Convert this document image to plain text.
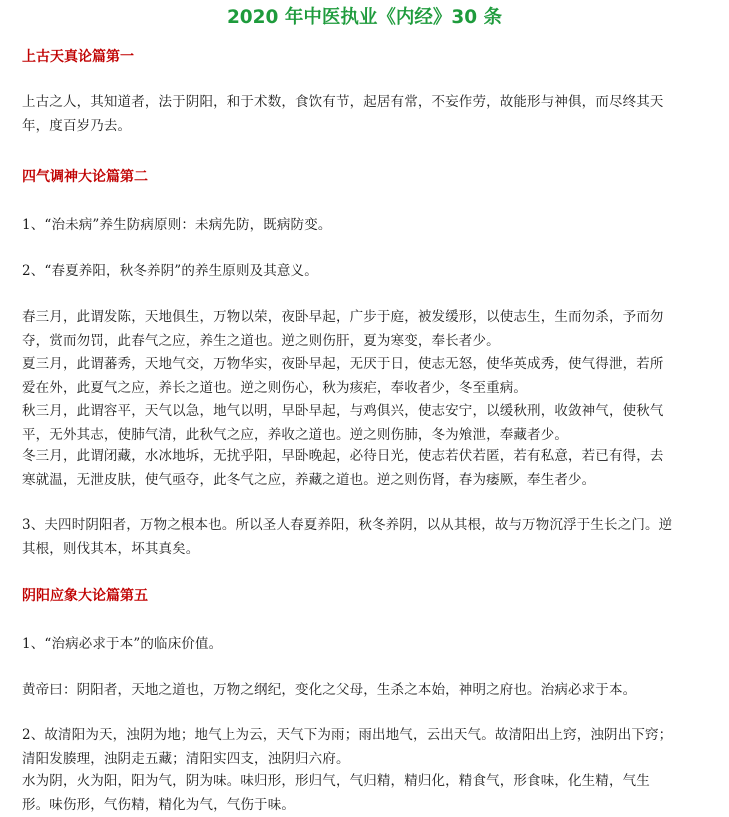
2020 年中医执业《内经》30 条
上古天真论篇第一

上古之人，其知道者，法于阴阳，和于术数，食饮有节，起居有常，不妄作劳，故能形与神俱，而尽终其天年，度百岁乃去。

四气调神大论篇第二

1、“治未病”养生防病原则：未病先防，既病防变。

2、“春夏养阳，秋冬养阴”的养生原则及其意义。

春三月，此谓发陈，天地俱生，万物以荣，夜卧早起，广步于庭，被发缓形，以使志生，生而勿杀，予而勿夺，赏而勿罚，此春气之应，养生之道也。逆之则伤肝，夏为寒变，奉长者少。

夏三月，此谓蕃秀，天地气交，万物华实，夜卧早起，无厌于日，使志无怒，使华英成秀，使气得泄，若所爱在外，此夏气之应，养长之道也。逆之则伤心，秋为痎疟，奉收者少，冬至重病。

秋三月，此谓容平，天气以急，地气以明，早卧早起，与鸡俱兴，使志安宁，以缓秋刑，收敛神气，使秋气平，无外其志，使肺气清，此秋气之应，养收之道也。逆之则伤肺，冬为飧泄，奉藏者少。

冬三月，此谓闭藏，水冰地坼，无扰乎阳，早卧晚起，必待日光，使志若伏若匿，若有私意，若已有得，去寒就温，无泄皮肤，使气亟夺，此冬气之应，养藏之道也。逆之则伤肾，春为痿厥，奉生者少。

3、夫四时阴阳者，万物之根本也。所以圣人春夏养阳，秋冬养阴，以从其根，故与万物沉浮于生长之门。逆其根，则伐其本，坏其真矣。

阴阳应象大论篇第五

1、“治病必求于本”的临床价值。

黄帝曰：阴阳者，天地之道也，万物之纲纪，变化之父母，生杀之本始，神明之府也。治病必求于本。

2、故清阳为天，浊阴为地；地气上为云，天气下为雨；雨出地气，云出天气。故清阳出上窍，浊阴出下窍；清阳发腠理，浊阴走五藏；清阳实四支，浊阴归六府。

水为阴，火为阳，阳为气，阴为味。味归形，形归气，气归精，精归化，精食气，形食味，化生精，气生形。味伤形，气伤精，精化为气，气伤于味。
